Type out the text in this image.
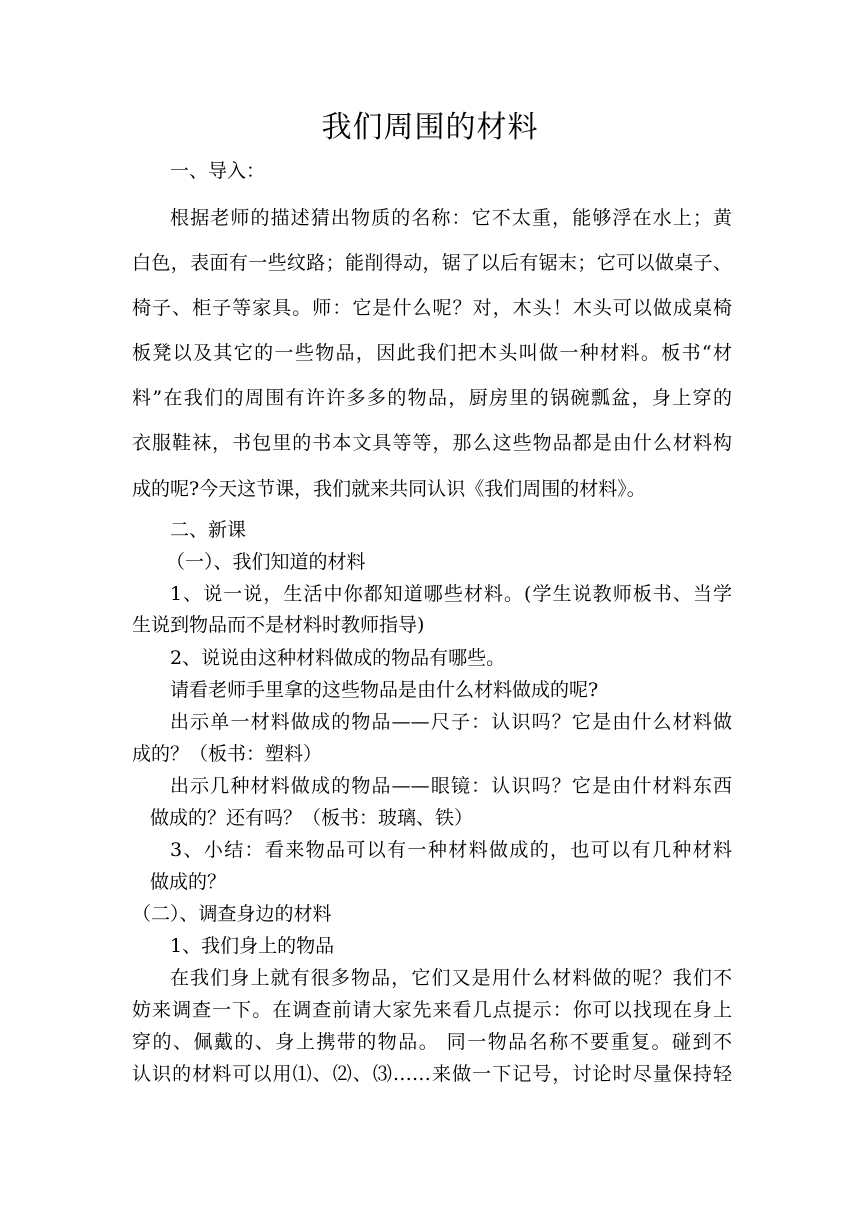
我们周围的材料
一、导入：
根据老师的描述猜出物质的名称：它不太重，能够浮在水上；黄
白色，表面有一些纹路；能削得动，锯了以后有锯末；它可以做桌子、
椅子、柜子等家具。师：它是什么呢？对，木头！木头可以做成桌椅
板凳以及其它的一些物品，因此我们把木头叫做一种材料。板书“材
料”在我们的周围有许许多多的物品，厨房里的锅碗瓢盆，身上穿的
衣服鞋袜，书包里的书本文具等等，那么这些物品都是由什么材料构
成的呢?今天这节课，我们就来共同认识《我们周围的材料》。
二、新课
（一）、我们知道的材料
1、说一说，生活中你都知道哪些材料。(学生说教师板书、当学
生说到物品而不是材料时教师指导)
2、说说由这种材料做成的物品有哪些。
请看老师手里拿的这些物品是由什么材料做成的呢?
出示单一材料做成的物品——尺子：认识吗？它是由什么材料做
成的？（板书：塑料）
出示几种材料做成的物品——眼镜：认识吗？它是由什材料东西
做成的？还有吗？（板书：玻璃、铁）
3、小结：看来物品可以有一种材料做成的，也可以有几种材料
做成的？
（二）、调查身边的材料
1、我们身上的物品
在我们身上就有很多物品，它们又是用什么材料做的呢？我们不
妨来调查一下。在调查前请大家先来看几点提示：你可以找现在身上
穿的、佩戴的、身上携带的物品。 同一物品名称不要重复。碰到不
认识的材料可以用⑴、⑵、⑶……来做一下记号，讨论时尽量保持轻
